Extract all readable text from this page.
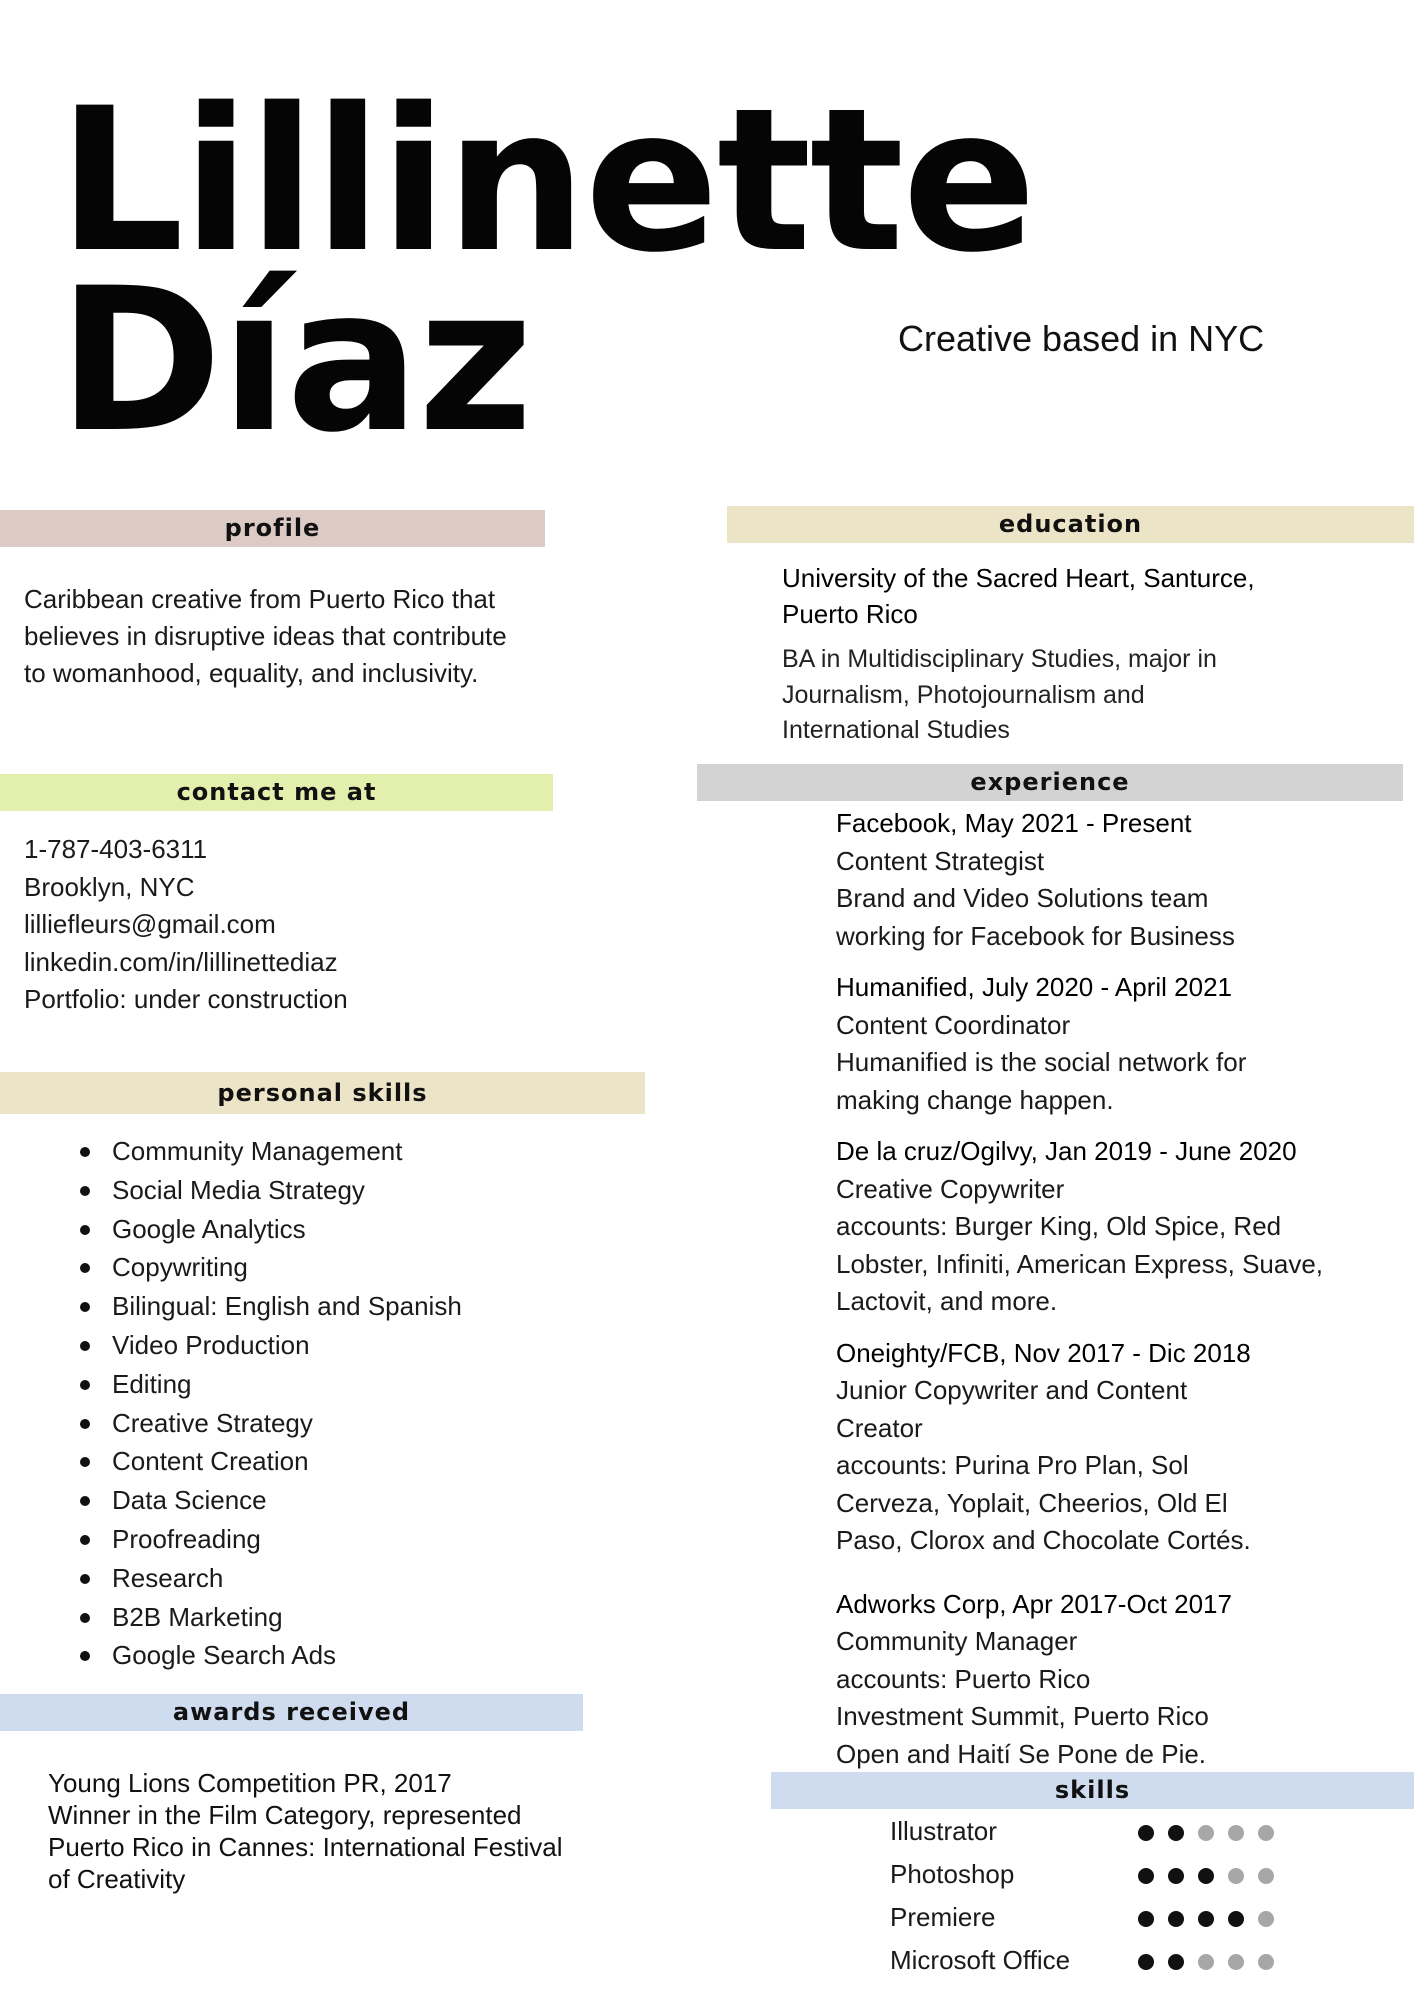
Lillinette
Díaz	Creative based in NYC
profile
Caribbean creative from Puerto Rico that
believes in disruptive ideas that contribute
to womanhood, equality, and inclusivity.
contact me at
1-787-403-6311
Brooklyn, NYC
lilliefleurs@gmail.com
linkedin.com/in/lillinettediaz
Portfolio: under construction
personal skills
Community Management
Social Media Strategy
Google Analytics
Copywriting
Bilingual: English and Spanish
Video Production
Editing
Creative Strategy
Content Creation
Data Science
Proofreading
Research
B2B Marketing
Google Search Ads
awards received
Young Lions Competition PR, 2017
Winner in the Film Category, represented
Puerto Rico in Cannes: International Festival
of Creativity
education
University of the Sacred Heart, Santurce,
Puerto Rico
BA in Multidisciplinary Studies, major in
Journalism, Photojournalism and
International Studies
experience
Facebook, May 2021 - Present
Content Strategist
Brand and Video Solutions team
working for Facebook for Business
Humanified, July 2020 - April 2021
Content Coordinator
Humanified is the social network for
making change happen.
De la cruz/Ogilvy, Jan 2019 - June 2020
Creative Copywriter
accounts: Burger King, Old Spice, Red
Lobster, Infiniti, American Express, Suave,
Lactovit, and more.
Oneighty/FCB, Nov 2017 - Dic 2018
Junior Copywriter and Content
Creator
accounts: Purina Pro Plan, Sol
Cerveza, Yoplait, Cheerios, Old El
Paso, Clorox and Chocolate Cortés.
Adworks Corp, Apr 2017-Oct 2017
Community Manager
accounts: Puerto Rico
Investment Summit, Puerto Rico
Open and Haití Se Pone de Pie.
skills
Illustrator
Photoshop
Premiere
Microsoft Office
